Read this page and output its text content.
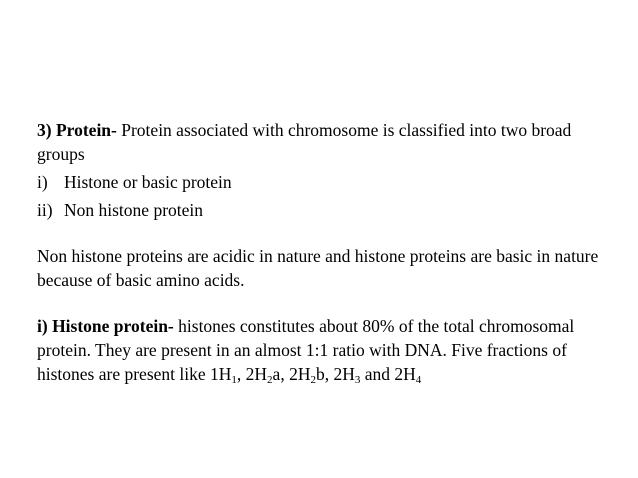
3) Protein- Protein associated with chromosome is classified into two broad groups

i) Histone or basic protein
ii) Non histone protein

Non histone proteins are acidic in nature and histone proteins are basic in nature because of basic amino acids.

i) Histone protein- histones constitutes about 80% of the total chromosomal protein. They are present in an almost 1:1 ratio with DNA. Five fractions of histones are present like $1H_1$, $2H_2a$, $2H_2b$, $2H_3$ and $2H_4$
